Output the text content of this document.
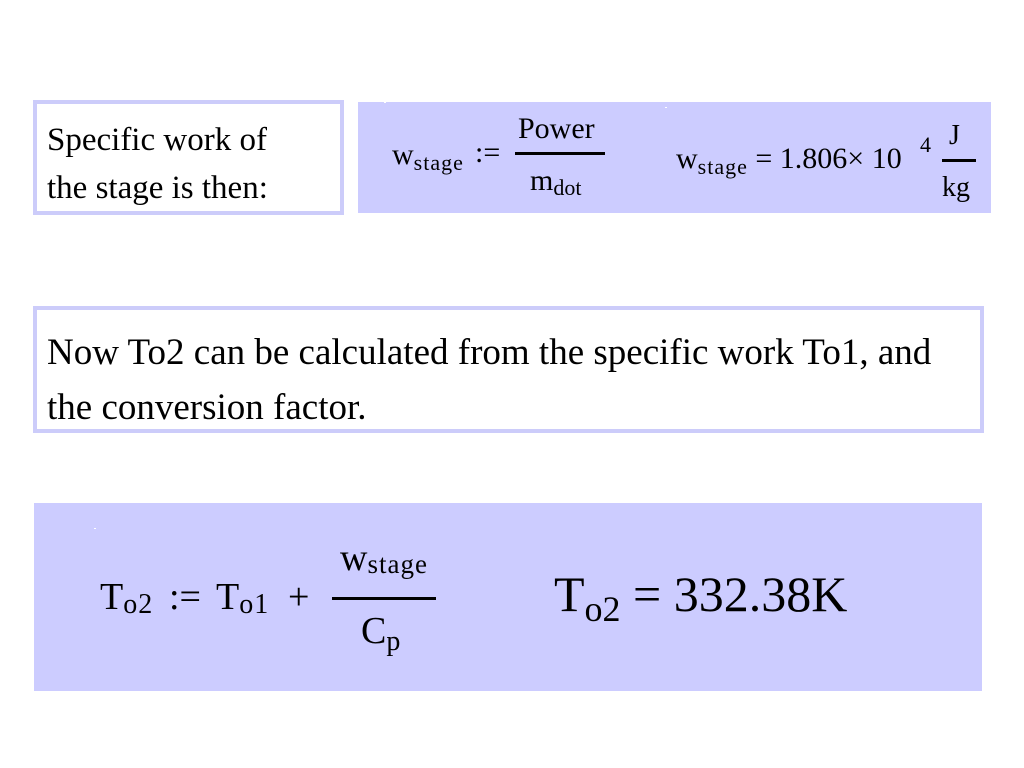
Specific work of
the stage is then:
$w_{stage}$ :=
Power
mdot
$w_{stage} = 1.806\times 10$ 4 J
kg
Now To2 can be calculated from the specific work To1, and the conversion factor.
To2 := To1 +
wstage
Cp
$T_{o2} = 332.38K$
